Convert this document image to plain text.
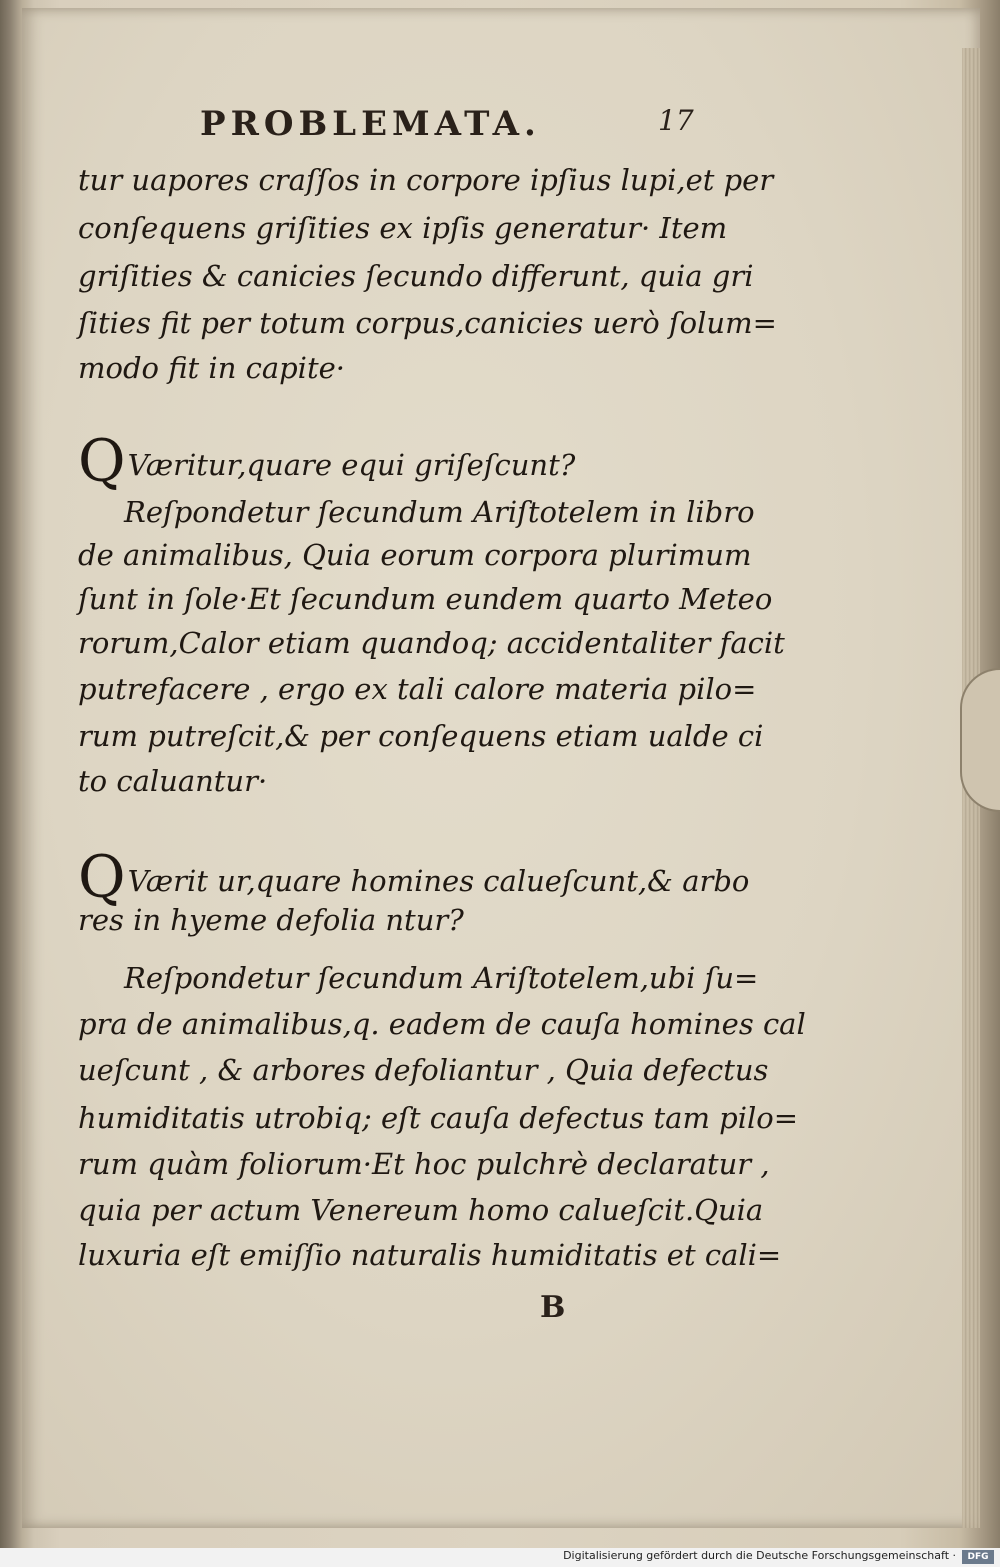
PROBLEMATA.	17
tur uapores craſſos in corpore ipſius lupi,et per
conſequens griſities ex ipſis generatur· Item
griſities & canicies ſecundo differunt, quia gri
ſities fit per totum corpus,canicies uerò ſolum=
modo fit in capite·
QVæritur,quare equi griſeſcunt?
Reſpondetur ſecundum Ariſtotelem in libro
de animalibus, Quia eorum corpora plurimum
ſunt in ſole·Et ſecundum eundem quarto Meteo
rorum,Calor etiam quandoq; accidentaliter facit
putrefacere , ergo ex tali calore materia pilo=
rum putreſcit,& per conſequens etiam ualde ci
to caluantur·
QVærit ur,quare homines calueſcunt,& arbo
res in hyeme defolia ntur?
Reſpondetur ſecundum Ariſtotelem,ubi ſu=
pra de animalibus,q. eadem de cauſa homines cal
ueſcunt , & arbores defoliantur , Quia defectus
humiditatis utrobiq; eſt cauſa defectus tam pilo=
rum quàm foliorum·Et hoc pulchrè declaratur ,
quia per actum Venereum homo calueſcit.Quia
luxuria eſt emiſſio naturalis humiditatis et cali=
B
Digitalisierung gefördert durch die Deutsche Forschungsgemeinschaft ·	DFG
